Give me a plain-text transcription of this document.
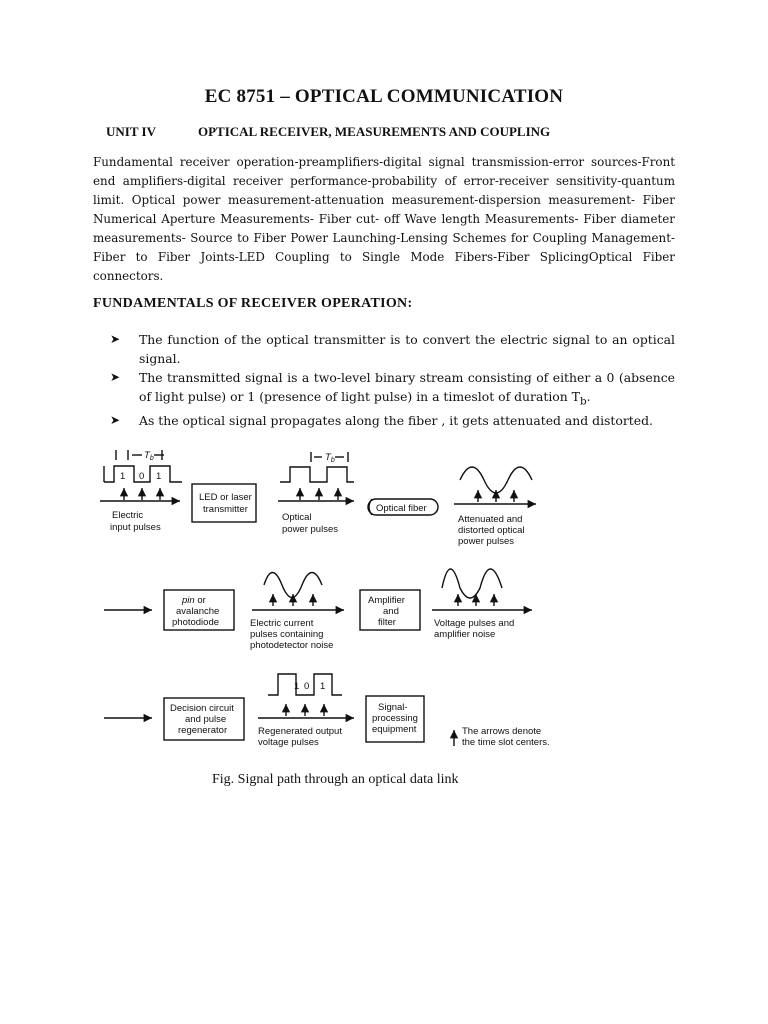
EC 8751 – OPTICAL COMMUNICATION
UNIT IV	OPTICAL RECEIVER, MEASUREMENTS AND COUPLING

Fundamental receiver operation-preamplifiers-digital signal transmission-error sources-Front end amplifiers-digital receiver performance-probability of error-receiver sensitivity-quantum limit. Optical power measurement-attenuation measurement-dispersion measurement- Fiber Numerical Aperture Measurements- Fiber cut- off Wave length Measurements- Fiber diameter measurements- Source to Fiber Power Launching-Lensing Schemes for Coupling Management-Fiber to Fiber Joints-LED Coupling to Single Mode Fibers-Fiber SplicingOptical Fiber connectors.

FUNDAMENTALS OF RECEIVER OPERATION:
➤ The function of the optical transmitter is to convert the electric signal to an optical signal.
➤ The transmitted signal is a two-level binary stream consisting of either a 0 (absence of light pulse) or 1 (presence of light pulse) in a timeslot of duration $T_b$.
➤ As the optical signal propagates along the fiber , it gets attenuated and distorted.
$T_b$
1 0 1
Electric
input pulses
LED or laser
transmitter
$T_b$
Optical
power pulses
Optical fiber
Attenuated and
distorted optical
power pulses
pin or
avalanche
photodiode	Electric current
pulses containing
photodetector noise
Amplifier
and
filter	Voltage pulses and
amplifier noise
1 0 1
Decision circuit
and pulse
regenerator	Regenerated output
voltage pulses
Signal-
processing
equipment	The arrows denote
the time slot centers.
Fig. Signal path through an optical data link
